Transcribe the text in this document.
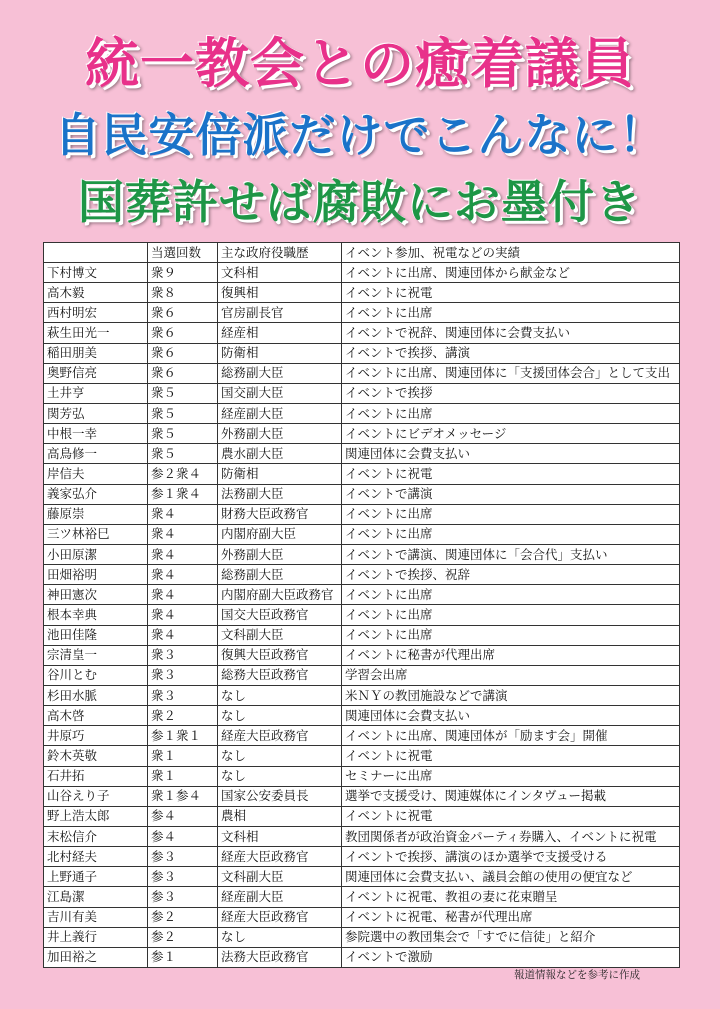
統一教会との癒着議員
自民安倍派だけでこんなに！
国葬許せば腐敗にお墨付き
	当選回数	主な政府役職歴	イベント参加、祝電などの実績
下村博文	衆９	文科相	イベントに出席、関連団体から献金など
高木毅	衆８	復興相	イベントに祝電
西村明宏	衆６	官房副長官	イベントに出席
萩生田光一	衆６	経産相	イベントで祝辞、関連団体に会費支払い
稲田朋美	衆６	防衛相	イベントで挨拶、講演
奥野信亮	衆６	総務副大臣	イベントに出席、関連団体に「支援団体会合」として支出
土井亨	衆５	国交副大臣	イベントで挨拶
関芳弘	衆５	経産副大臣	イベントに出席
中根一幸	衆５	外務副大臣	イベントにビデオメッセージ
高鳥修一	衆５	農水副大臣	関連団体に会費支払い
岸信夫	参２衆４	防衛相	イベントに祝電
義家弘介	参１衆４	法務副大臣	イベントで講演
藤原崇	衆４	財務大臣政務官	イベントに出席
三ツ林裕巳	衆４	内閣府副大臣	イベントに出席
小田原潔	衆４	外務副大臣	イベントで講演、関連団体に「会合代」支払い
田畑裕明	衆４	総務副大臣	イベントで挨拶、祝辞
神田憲次	衆４	内閣府副大臣政務官	イベントに出席
根本幸典	衆４	国交大臣政務官	イベントに出席
池田佳隆	衆４	文科副大臣	イベントに出席
宗清皇一	衆３	復興大臣政務官	イベントに秘書が代理出席
谷川とむ	衆３	総務大臣政務官	学習会出席
杉田水脈	衆３	なし	米ＮＹの教団施設などで講演
高木啓	衆２	なし	関連団体に会費支払い
井原巧	参１衆１	経産大臣政務官	イベントに出席、関連団体が「励ます会」開催
鈴木英敬	衆１	なし	イベントに祝電
石井拓	衆１	なし	セミナーに出席
山谷えり子	衆１参４	国家公安委員長	選挙で支援受け、関連媒体にインタヴュー掲載
野上浩太郎	参４	農相	イベントに祝電
末松信介	参４	文科相	教団関係者が政治資金パーティ券購入、イベントに祝電
北村経夫	参３	経産大臣政務官	イベントで挨拶、講演のほか選挙で支援受ける
上野通子	参３	文科副大臣	関連団体に会費支払い、議員会館の使用の便宜など
江島潔	参３	経産副大臣	イベントに祝電、教祖の妻に花束贈呈
吉川有美	参２	経産大臣政務官	イベントに祝電、秘書が代理出席
井上義行	参２	なし	参院選中の教団集会で「すでに信徒」と紹介
加田裕之	参１	法務大臣政務官	イベントで激励
報道情報などを参考に作成
